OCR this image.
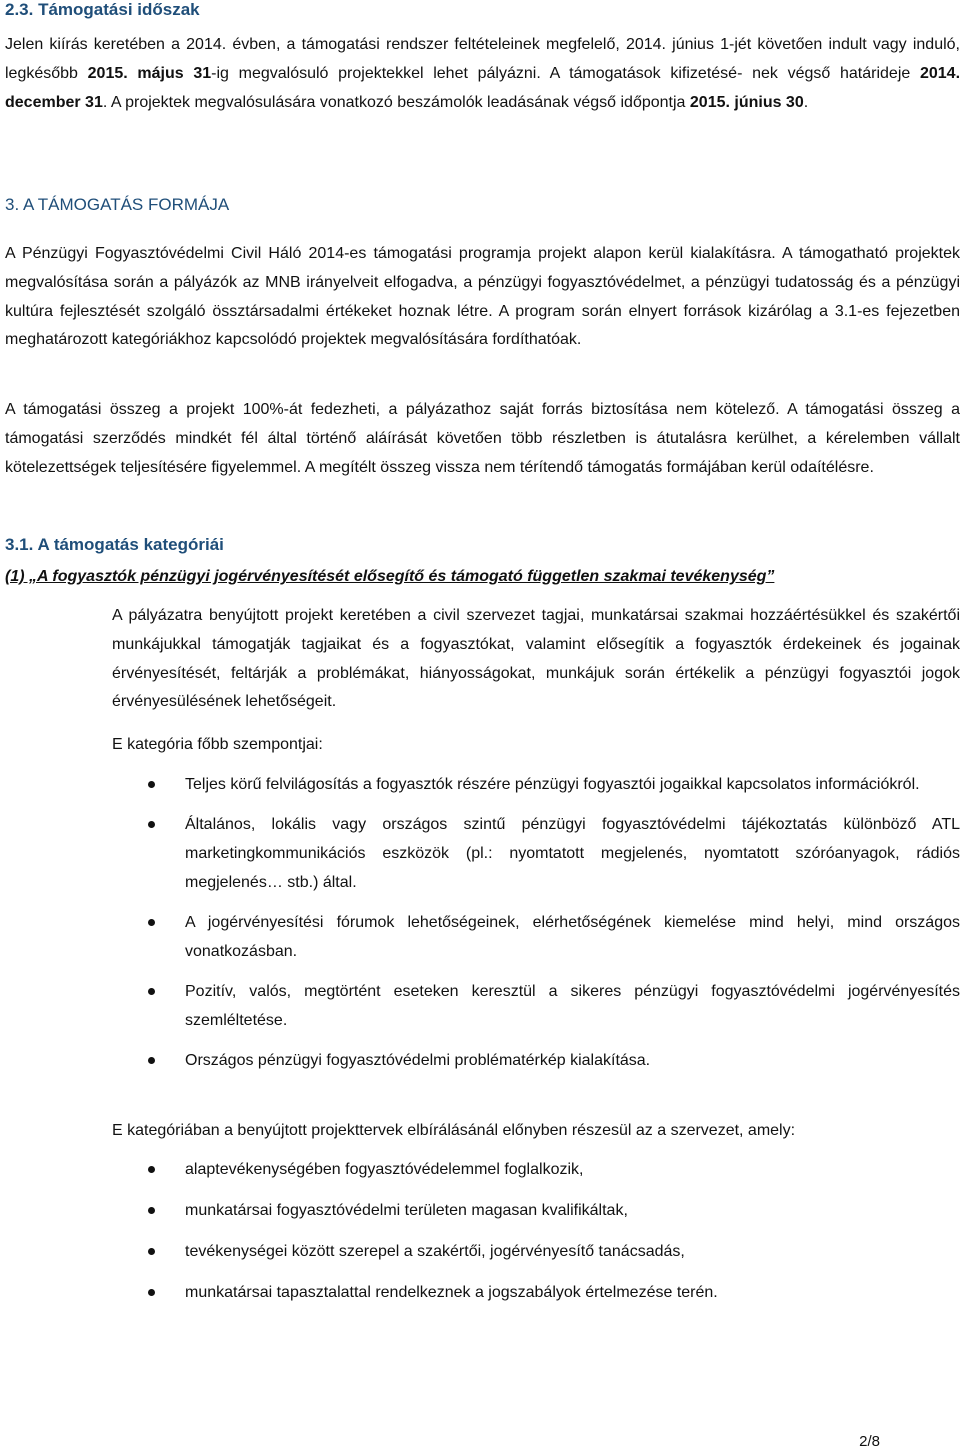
2.3. Támogatási időszak

Jelen kiírás keretében a 2014. évben, a támogatási rendszer feltételeinek megfelelő, 2014. június 1-jét követően indult vagy induló, legkésőbb 2015. május 31-ig megvalósuló projektekkel lehet pályázni. A támogatások kifizetésé- nek végső határideje 2014. december 31. A projektek megvalósulására vonatkozó beszámolók leadásának végső időpontja 2015. június 30.

3. A TÁMOGATÁS FORMÁJA

A Pénzügyi Fogyasztóvédelmi Civil Háló 2014-es támogatási programja projekt alapon kerül kialakításra. A támogatható projektek megvalósítása során a pályázók az MNB irányelveit elfogadva, a pénzügyi fogyasztóvédelmet, a pénzügyi tudatosság és a pénzügyi kultúra fejlesztését szolgáló össztársadalmi értékeket hoznak létre. A program során elnyert források kizárólag a 3.1-es fejezetben meghatározott kategóriákhoz kapcsolódó projektek megvalósítására fordíthatóak.

A támogatási összeg a projekt 100%-át fedezheti, a pályázathoz saját forrás biztosítása nem kötelező. A támogatási összeg a támogatási szerződés mindkét fél által történő aláírását követően több részletben is átutalásra kerülhet, a kérelemben vállalt kötelezettségek teljesítésére figyelemmel. A megítélt összeg vissza nem térítendő támogatás formájában kerül odaítélésre.

3.1. A támogatás kategóriái
(1) „A fogyasztók pénzügyi jogérvényesítését elősegítő és támogató független szakmai tevékenység”

A pályázatra benyújtott projekt keretében a civil szervezet tagjai, munkatársai szakmai hozzáértésükkel és szakértői munkájukkal támogatják tagjaikat és a fogyasztókat, valamint elősegítik a fogyasztók érdekeinek és jogainak érvényesítését, feltárják a problémákat, hiányosságokat, munkájuk során értékelik a pénzügyi fogyasztói jogok érvényesülésének lehetőségeit.

E kategória főbb szempontjai:

Teljes körű felvilágosítás a fogyasztók részére pénzügyi fogyasztói jogaikkal kapcsolatos információkról.
Általános, lokális vagy országos szintű pénzügyi fogyasztóvédelmi tájékoztatás különböző ATL marketingkommunikációs eszközök (pl.: nyomtatott megjelenés, nyomtatott szóróanyagok, rádiós megjelenés… stb.) által.
A jogérvényesítési fórumok lehetőségeinek, elérhetőségének kiemelése mind helyi, mind országos vonatkozásban.
Pozitív, valós, megtörtént eseteken keresztül a sikeres pénzügyi fogyasztóvédelmi jogérvényesítés szemléltetése.
Országos pénzügyi fogyasztóvédelmi problématérkép kialakítása.

E kategóriában a benyújtott projekttervek elbírálásánál előnyben részesül az a szervezet, amely:

alaptevékenységében fogyasztóvédelemmel foglalkozik,
munkatársai fogyasztóvédelmi területen magasan kvalifikáltak,
tevékenységei között szerepel a szakértői, jogérvényesítő tanácsadás,
munkatársai tapasztalattal rendelkeznek a jogszabályok értelmezése terén.
2/8
